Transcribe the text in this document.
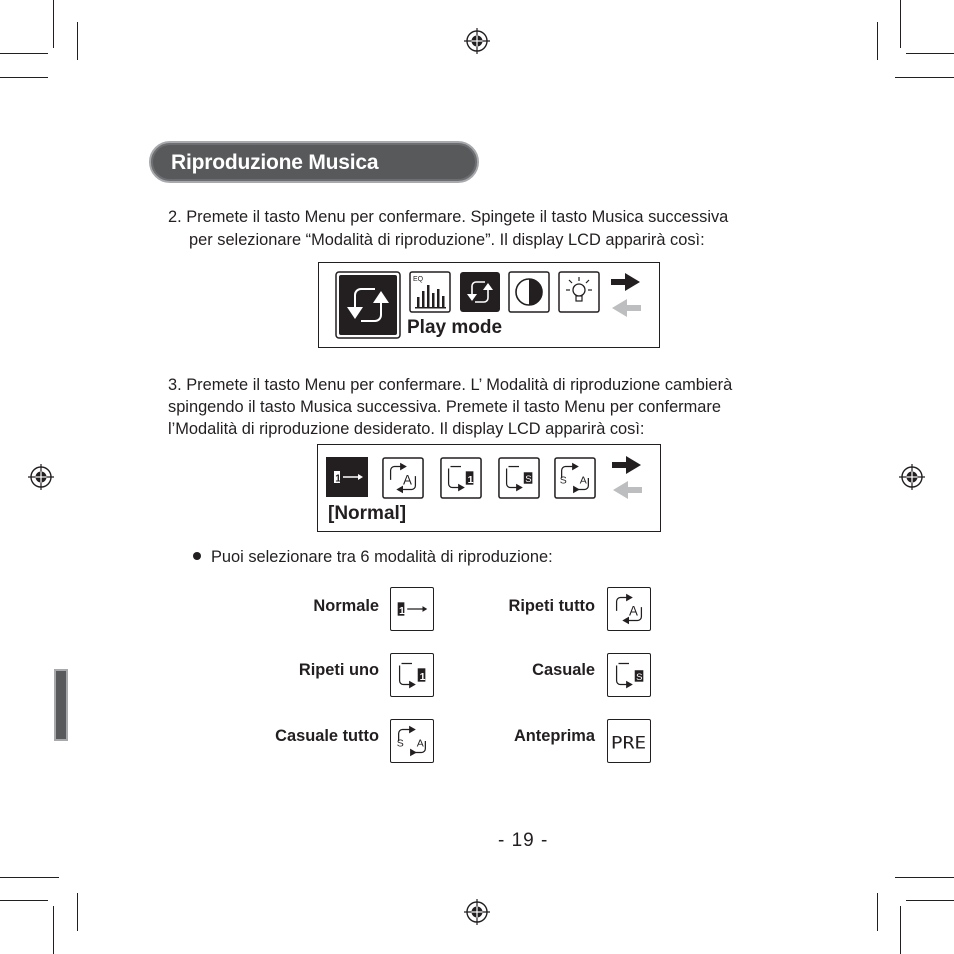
Riproduzione Musica
2. Premete il tasto Menu per confermare. Spingete il tasto Musica successiva
per selezionare “Modalità di riproduzione”. Il display LCD apparirà così:
EQ
Play mode
3. Premete il tasto Menu per confermare. L’ Modalità di riproduzione cambierà
spingendo il tasto Musica successiva. Premete il tasto Menu per confermare
l’Modalità di riproduzione desiderato. Il display LCD apparirà così:
1	A	1	S	S A
[Normal]
Puoi selezionare tra 6 modalità di riproduzione:
Normale 1	Ripeti tutto A
Ripeti uno	1	Casuale	S
Casuale tutto S A	Anteprima PRE
- 19 -
